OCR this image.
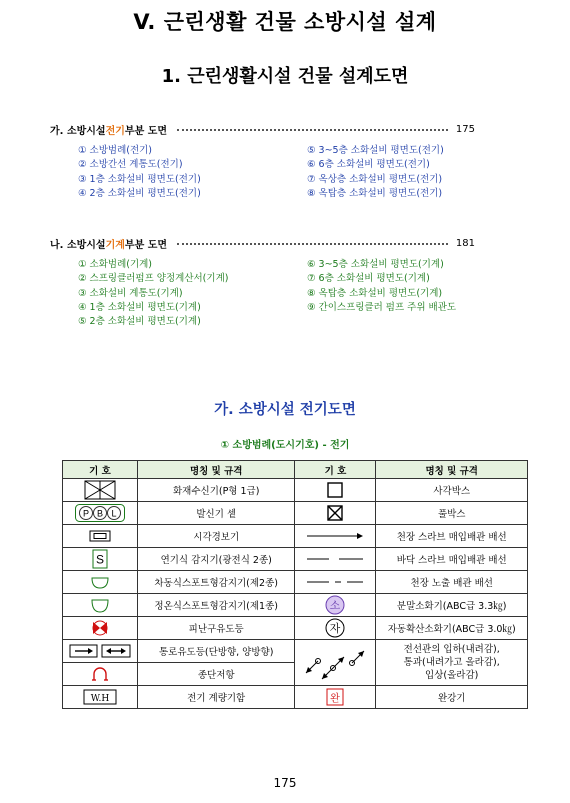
V. 근린생활 건물 소방시설 설계
1. 근린생활시설 건물 설계도면
가. 소방시설 전기 부분 도면	175
① 소방범례(전기)
② 소방간선 계통도(전기)
③ 1층 소화설비 평면도(전기)
④ 2층 소화설비 평면도(전기)
⑤ 3~5층 소화설비 평면도(전기)
⑥ 6층 소화설비 평면도(전기)
⑦ 옥상층 소화설비 평면도(전기)
⑧ 옥탑층 소화설비 평면도(전기)
나. 소방시설 기계 부분 도면	181
① 소화범례(기계)
② 스프링클러펌프 양정계산서(기계)
③ 소화설비 계통도(기계)
④ 1층 소화설비 평면도(기계)
⑤ 2층 소화설비 평면도(기계)
⑥ 3~5층 소화설비 평면도(기계)
⑦ 6층 소화설비 평면도(기계)
⑧ 옥탑층 소화설비 평면도(기계)
⑨ 간이스프링클러 펌프 주위 배관도
가. 소방시설 전기도면
① 소방범례(도시기호) - 전기
기 호	명칭 및 규격	기 호	명칭 및 규격
	화재수신기(P형 1급)		사각박스

P B L	발신기 셑		풀박스
	시각경보기		천장 스라브 매입배관 배선

S	연기식 감지기(광전식 2종)		바닥 스라브 매입배관 배선
	차동식스포트형감지기(제2종)		천장 노출 배관 배선
	정온식스포트형감지기(제1종)	소	분말소화기(ABC급 3.3㎏)
	피난구유도등	자	자동확산소화기(ABC급 3.0㎏)
	통로유도등(단방향, 양방향)		전선관의 입하(내려감),
통과(내려가고 올라감),
입상(올라감)
	종단저항		

W.H	전기 계량기함	완	완강기
175
